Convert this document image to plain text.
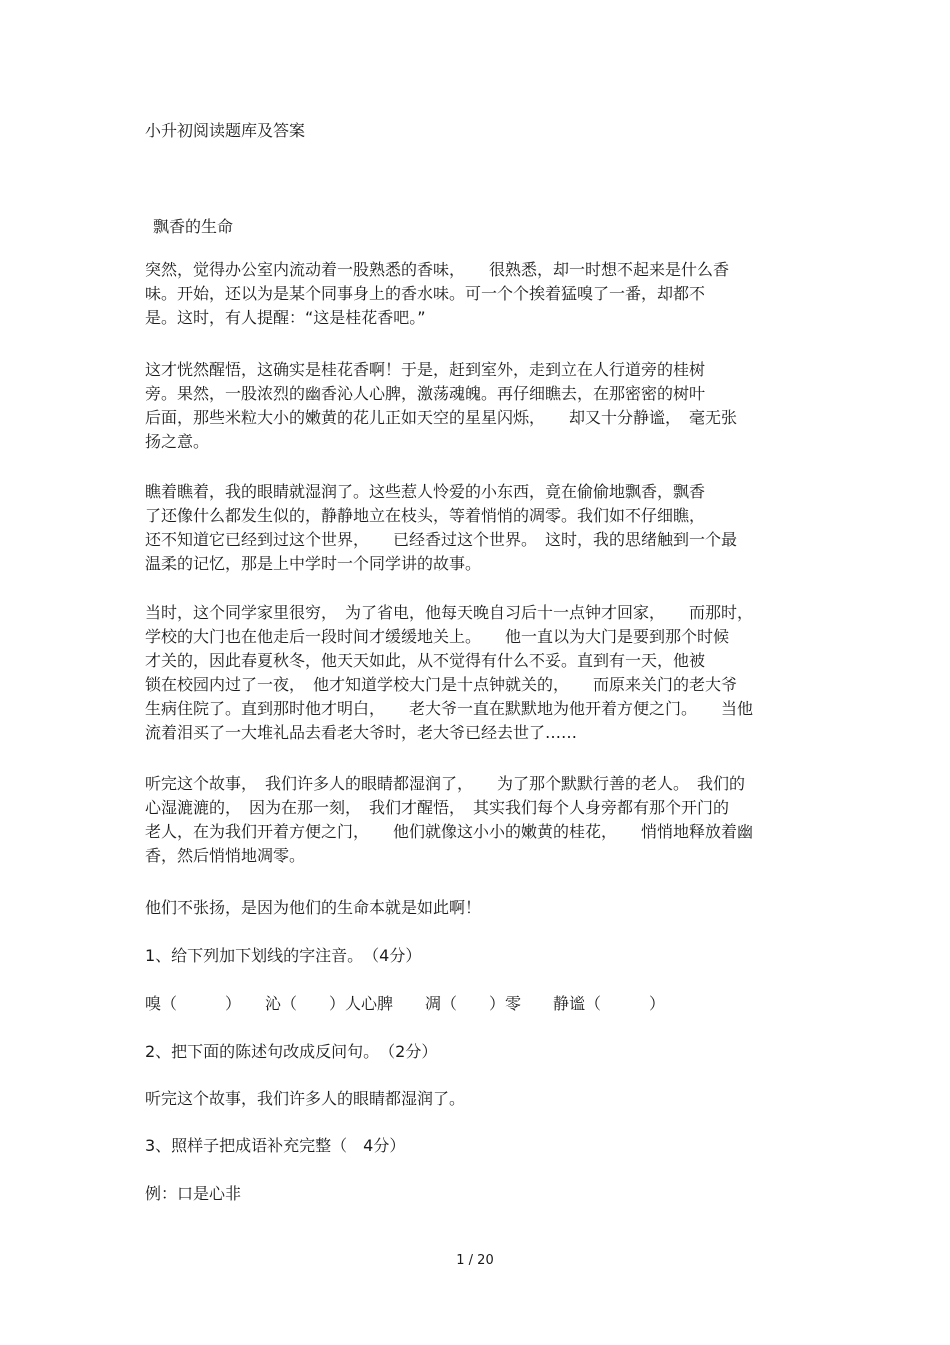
小升初阅读题库及答案
飘香的生命
突然，觉得办公室内流动着一股熟悉的香味，　　很熟悉，却一时想不起来是什么香
味。开始，还以为是某个同事身上的香水味。可一个个挨着猛嗅了一番，却都不
是。这时，有人提醒：“这是桂花香吧。”
这才恍然醒悟，这确实是桂花香啊！于是，赶到室外，走到立在人行道旁的桂树
旁。果然，一股浓烈的幽香沁人心脾，激荡魂魄。再仔细瞧去，在那密密的树叶
后面，那些米粒大小的嫩黄的花儿正如天空的星星闪烁，　　却又十分静谧，　毫无张
扬之意。
瞧着瞧着，我的眼睛就湿润了。这些惹人怜爱的小东西，竟在偷偷地飘香，飘香
了还像什么都发生似的，静静地立在枝头，等着悄悄的凋零。我们如不仔细瞧，
还不知道它已经到过这个世界，　　已经香过这个世界。　这时，我的思绪触到一个最
温柔的记忆，那是上中学时一个同学讲的故事。
当时，这个同学家里很穷，　为了省电，他每天晚自习后十一点钟才回家，　　而那时，
学校的大门也在他走后一段时间才缓缓地关上。　　他一直以为大门是要到那个时候
才关的，因此春夏秋冬，他天天如此，从不觉得有什么不妥。直到有一天，他被
锁在校园内过了一夜，　他才知道学校大门是十点钟就关的，　　而原来关门的老大爷
生病住院了。直到那时他才明白，　　老大爷一直在默默地为他开着方便之门。　　当他
流着泪买了一大堆礼品去看老大爷时，老大爷已经去世了……
听完这个故事，　我们许多人的眼睛都湿润了，　　为了那个默默行善的老人。　我们的
心湿漉漉的，　因为在那一刻，　我们才醒悟，　其实我们每个人身旁都有那个开门的
老人，在为我们开着方便之门，　　他们就像这小小的嫩黄的桂花，　　悄悄地释放着幽
香，然后悄悄地凋零。
他们不张扬，是因为他们的生命本就是如此啊！
1、给下列加下划线的字注音。　（4分）
嗅（　　　）　　沁（　　）人心脾　　凋（　　）零　　静谧（　　　）
2、把下面的陈述句改成反问句。　（2分）
听完这个故事，我们许多人的眼睛都湿润了。
3、照样子把成语补充完整（　4分）
例：口是心非
1 / 20
